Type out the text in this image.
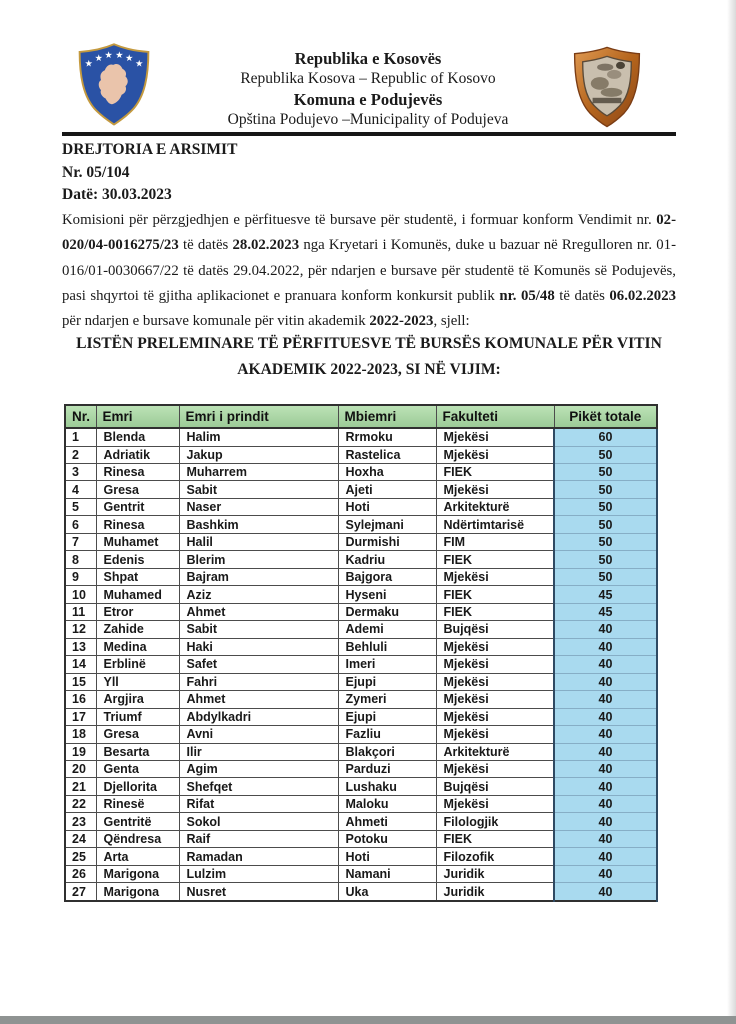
★ ★ ★ ★ ★ ★	Republika e Kosovës
Republika Kosova – Republic of Kosovo
Komuna e Podujevës
Opština Podujevo –Municipality of Podujeva
DREJTORIA E ARSIMIT
Nr. 05/104
Datë: 30.03.2023
Komisioni për përzgjedhjen e përfituesve të bursave për studentë, i formuar konform Vendimit nr. 02-020/04-0016275/23 të datës 28.02.2023 nga Kryetari i Komunës, duke u bazuar në Rregulloren nr. 01-016/01-0030667/22 të datës 29.04.2022, për ndarjen e bursave për studentë të Komunës së Podujevës, pasi shqyrtoi të gjitha aplikacionet e pranuara konform konkursit publik nr. 05/48 të datës 06.02.2023 për ndarjen e bursave komunale për vitin akademik 2022-2023, sjell:
LISTËN PRELEMINARE TË PËRFITUESVE TË BURSËS KOMUNALE PËR VITIN AKADEMIK 2022-2023, SI NË VIJIM:
Nr.	Emri	Emri i prindit	Mbiemri	Fakulteti	Pikët totale
1	Blenda	Halim	Rrmoku	Mjekësi	60
2	Adriatik	Jakup	Rastelica	Mjekësi	50
3	Rinesa	Muharrem	Hoxha	FIEK	50
4	Gresa	Sabit	Ajeti	Mjekësi	50
5	Gentrit	Naser	Hoti	Arkitekturë	50
6	Rinesa	Bashkim	Sylejmani	Ndërtimtarisë	50
7	Muhamet	Halil	Durmishi	FIM	50
8	Edenis	Blerim	Kadriu	FIEK	50
9	Shpat	Bajram	Bajgora	Mjekësi	50
10	Muhamed	Aziz	Hyseni	FIEK	45
11	Etror	Ahmet	Dermaku	FIEK	45
12	Zahide	Sabit	Ademi	Bujqësi	40
13	Medina	Haki	Behluli	Mjekësi	40
14	Erblinë	Safet	Imeri	Mjekësi	40
15	Yll	Fahri	Ejupi	Mjekësi	40
16	Argjira	Ahmet	Zymeri	Mjekësi	40
17	Triumf	Abdylkadri	Ejupi	Mjekësi	40
18	Gresa	Avni	Fazliu	Mjekësi	40
19	Besarta	Ilir	Blakçori	Arkitekturë	40
20	Genta	Agim	Parduzi	Mjekësi	40
21	Djellorita	Shefqet	Lushaku	Bujqësi	40
22	Rinesë	Rifat	Maloku	Mjekësi	40
23	Gentritë	Sokol	Ahmeti	Filologjik	40
24	Qëndresa	Raif	Potoku	FIEK	40
25	Arta	Ramadan	Hoti	Filozofik	40
26	Marigona	Lulzim	Namani	Juridik	40
27	Marigona	Nusret	Uka	Juridik	40
